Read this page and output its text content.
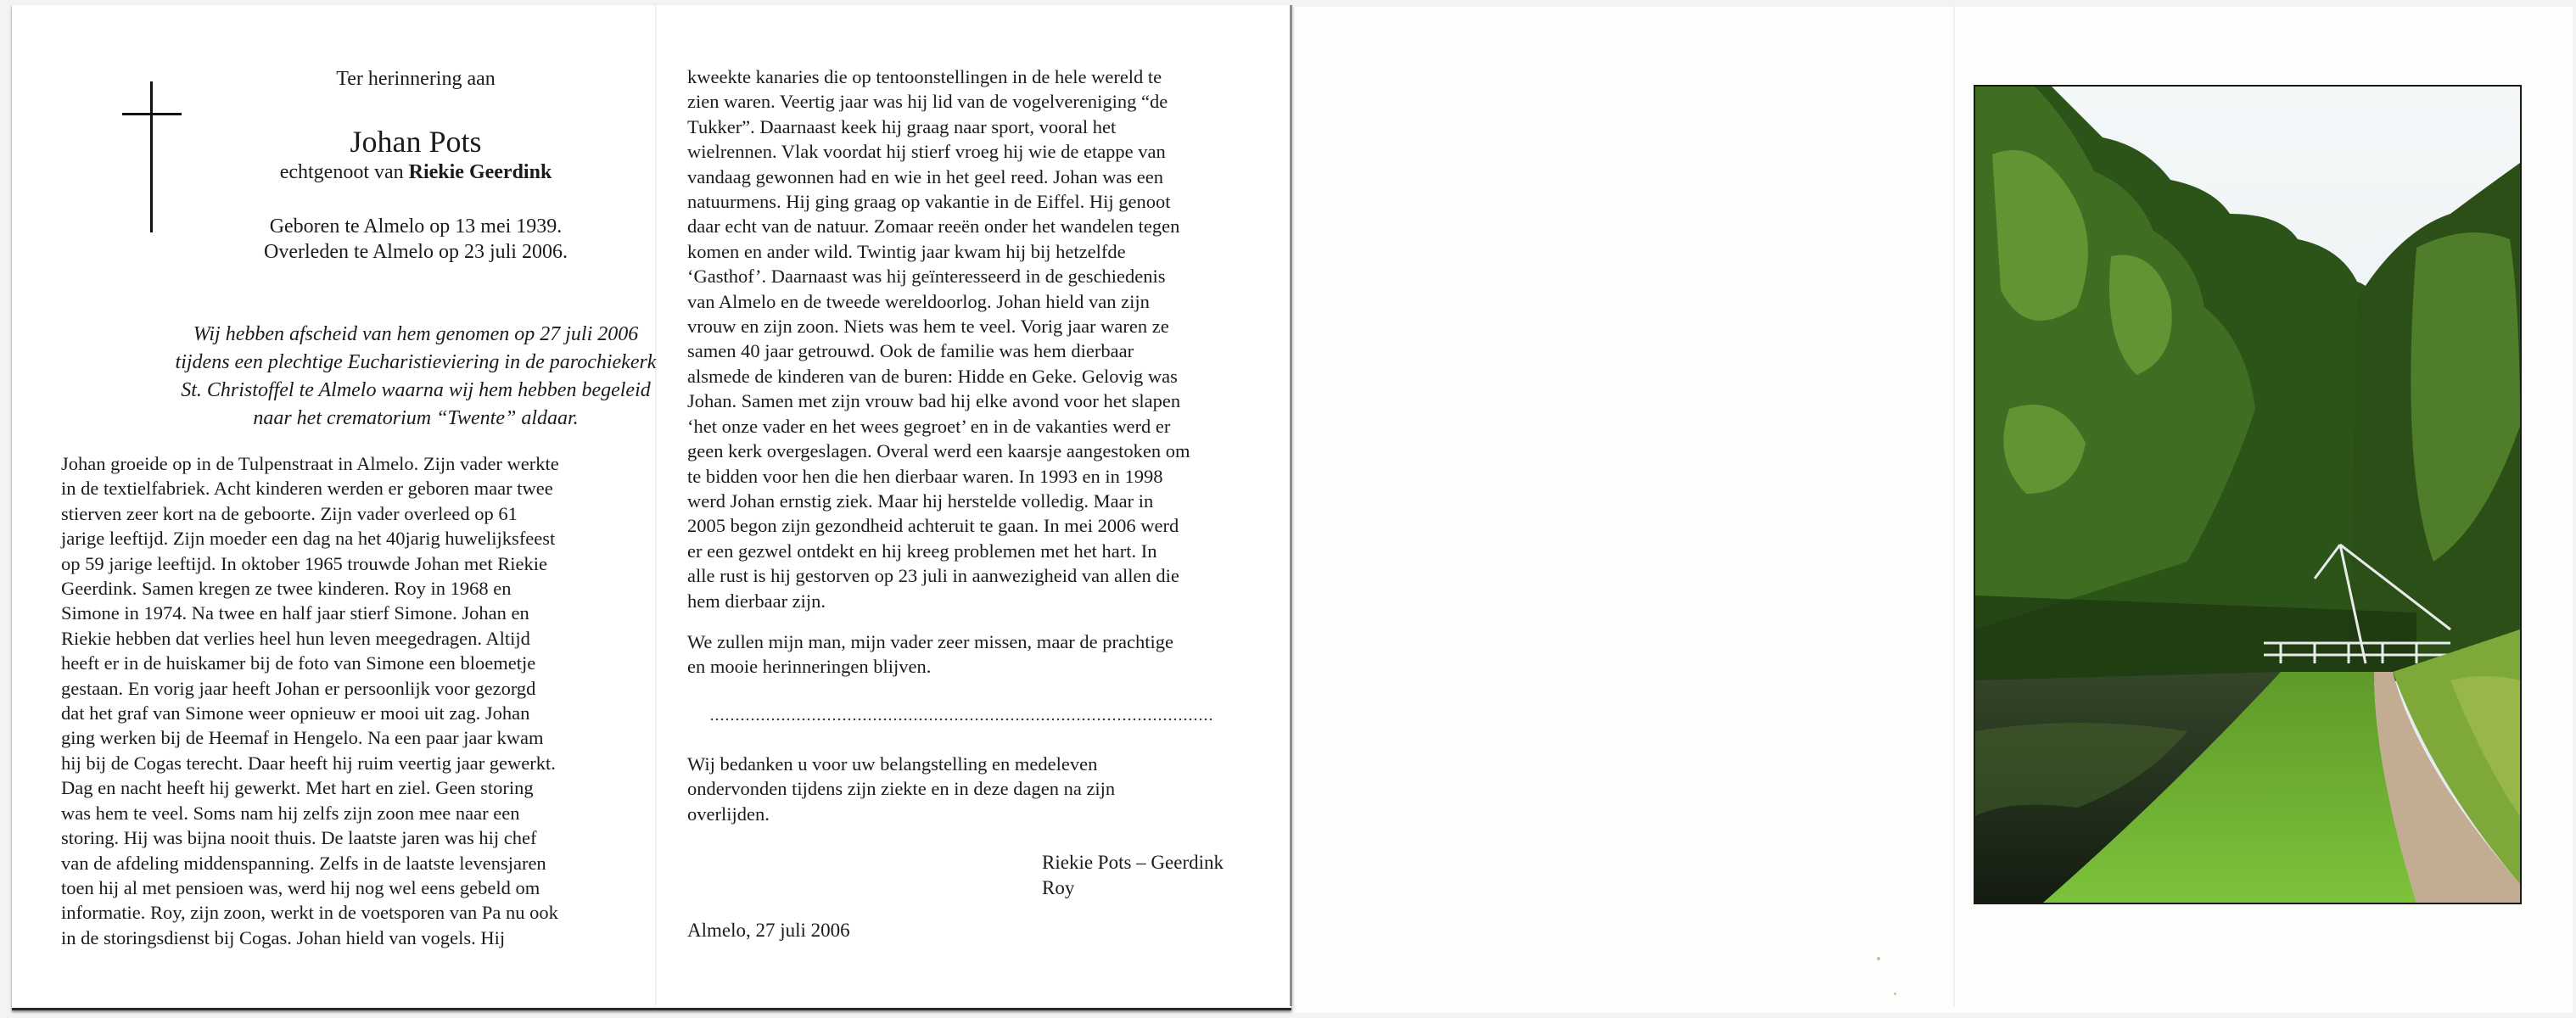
Ter herinnering aan
Johan Pots
echtgenoot van Riekie Geerdink
Geboren te Almelo op 13 mei 1939.
Overleden te Almelo op 23 juli 2006.
Wij hebben afscheid van hem genomen op 27 juli 2006
tijdens een plechtige Eucharistieviering in de parochiekerk
St. Christoffel te Almelo waarna wij hem hebben begeleid
naar het crematorium “Twente” aldaar.
Johan groeide op in de Tulpenstraat in Almelo. Zijn vader werkte
in de textielfabriek. Acht kinderen werden er geboren maar twee
stierven zeer kort na de geboorte. Zijn vader overleed op 61
jarige leeftijd. Zijn moeder een dag na het 40jarig huwelijksfeest
op 59 jarige leeftijd. In oktober 1965 trouwde Johan met Riekie
Geerdink. Samen kregen ze twee kinderen. Roy in 1968 en
Simone in 1974. Na twee en half jaar stierf Simone. Johan en
Riekie hebben dat verlies heel hun leven meegedragen. Altijd
heeft er in de huiskamer bij de foto van Simone een bloemetje
gestaan. En vorig jaar heeft Johan er persoonlijk voor gezorgd
dat het graf van Simone weer opnieuw er mooi uit zag. Johan
ging werken bij de Heemaf in Hengelo. Na een paar jaar kwam
hij bij de Cogas terecht. Daar heeft hij ruim veertig jaar gewerkt.
Dag en nacht heeft hij gewerkt. Met hart en ziel. Geen storing
was hem te veel. Soms nam hij zelfs zijn zoon mee naar een
storing. Hij was bijna nooit thuis. De laatste jaren was hij chef
van de afdeling middenspanning. Zelfs in de laatste levensjaren
toen hij al met pensioen was, werd hij nog wel eens gebeld om
informatie. Roy, zijn zoon, werkt in de voetsporen van Pa nu ook
in de storingsdienst bij Cogas. Johan hield van vogels. Hij
kweekte kanaries die op tentoonstellingen in de hele wereld te
zien waren. Veertig jaar was hij lid van de vogelvereniging “de
Tukker”. Daarnaast keek hij graag naar sport, vooral het
wielrennen. Vlak voordat hij stierf vroeg hij wie de etappe van
vandaag gewonnen had en wie in het geel reed. Johan was een
natuurmens. Hij ging graag op vakantie in de Eiffel. Hij genoot
daar echt van de natuur. Zomaar reeën onder het wandelen tegen
komen en ander wild. Twintig jaar kwam hij bij hetzelfde
‘Gasthof’. Daarnaast was hij geïnteresseerd in de geschiedenis
van Almelo en de tweede wereldoorlog. Johan hield van zijn
vrouw en zijn zoon. Niets was hem te veel. Vorig jaar waren ze
samen 40 jaar getrouwd. Ook de familie was hem dierbaar
alsmede de kinderen van de buren: Hidde en Geke. Gelovig was
Johan. Samen met zijn vrouw bad hij elke avond voor het slapen
‘het onze vader en het wees gegroet’ en in de vakanties werd er
geen kerk overgeslagen. Overal werd een kaarsje aangestoken om
te bidden voor hen die hen dierbaar waren. In 1993 en in 1998
werd Johan ernstig ziek. Maar hij herstelde volledig. Maar in
2005 begon zijn gezondheid achteruit te gaan. In mei 2006 werd
er een gezwel ontdekt en hij kreeg problemen met het hart. In
alle rust is hij gestorven op 23 juli in aanwezigheid van allen die
hem dierbaar zijn.
We zullen mijn man, mijn vader zeer missen, maar de prachtige
en mooie herinneringen blijven.
Wij bedanken u voor uw belangstelling en medeleven
ondervonden tijdens zijn ziekte en in deze dagen na zijn
overlijden.
Riekie Pots – Geerdink
Roy
Almelo, 27 juli 2006
